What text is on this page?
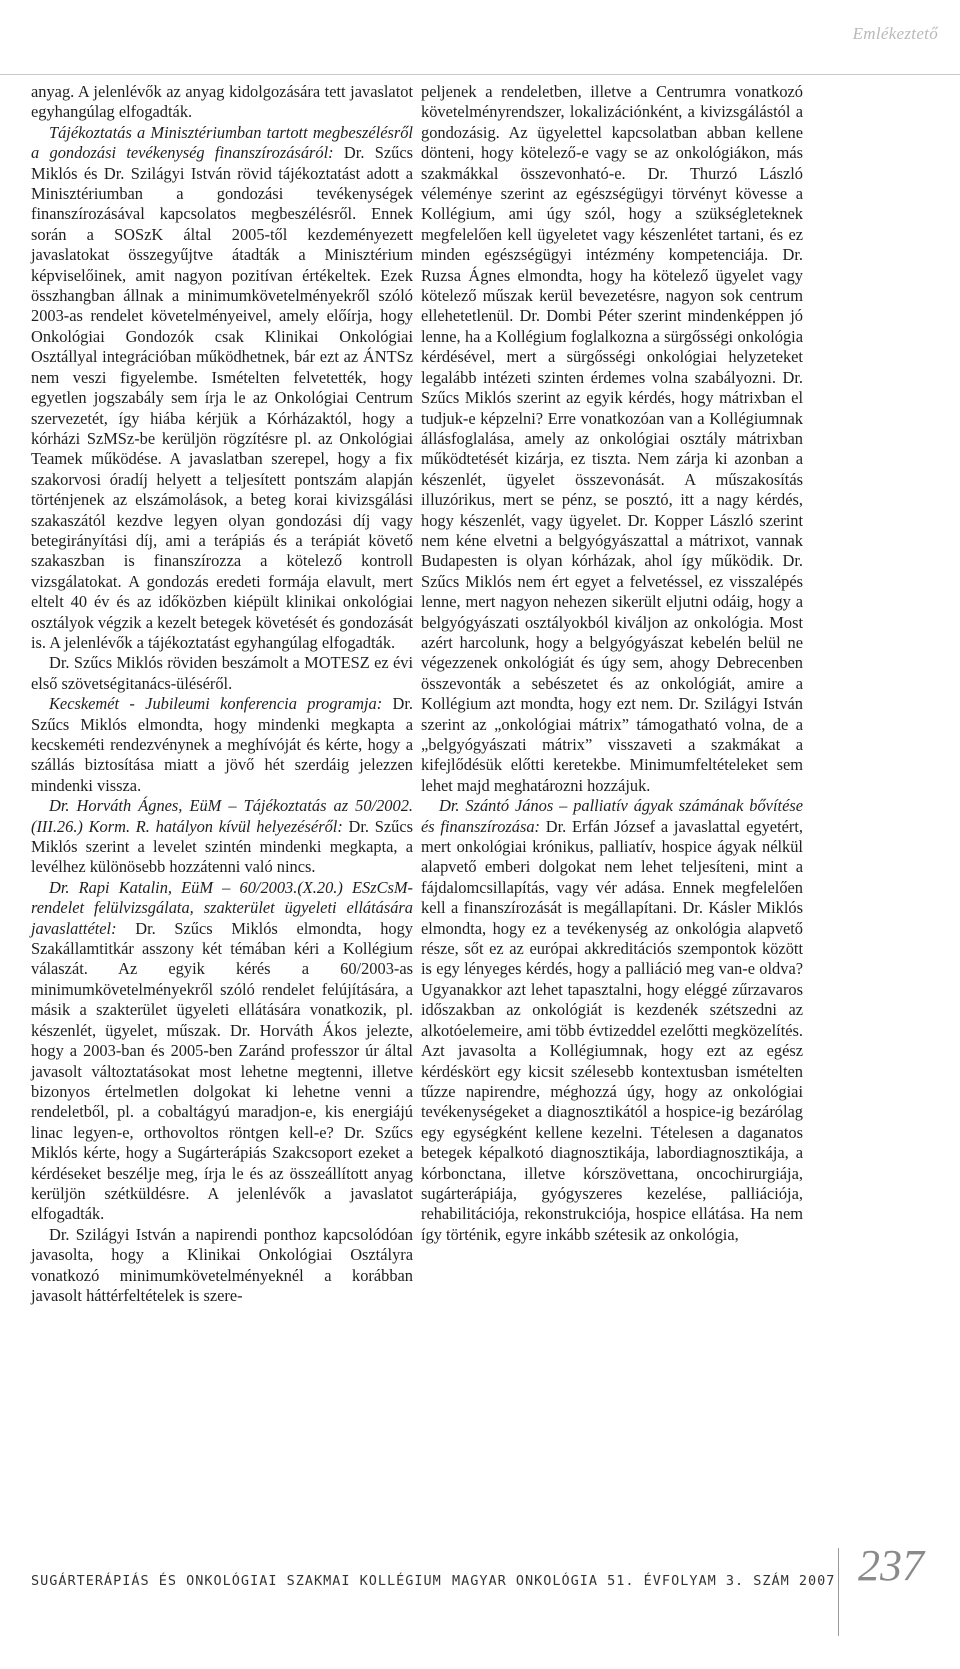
Emlékeztető

anyag. A jelenlévők az anyag kidolgozására tett javaslatot egyhangúlag elfogadták.

Tájékoztatás a Minisztériumban tartott megbeszélésről a gondozási tevékenység finanszírozásáról: Dr. Szűcs Miklós és Dr. Szilágyi István rövid tájékoztatást adott a Minisztériumban a gondozási tevékenységek finanszírozásával kapcsolatos megbeszélésről. Ennek során a SOSzK által 2005-től kezdeményezett javaslatokat összegyűjtve átadták a Minisztérium képviselőinek, amit nagyon pozitívan értékeltek. Ezek összhangban állnak a minimumkövetelményekről szóló 2003-as rendelet követelményeivel, amely előírja, hogy Onkológiai Gondozók csak Klinikai Onkológiai Osztállyal integrációban működhetnek, bár ezt az ÁNTSz nem veszi figyelembe. Ismételten felvetették, hogy egyetlen jogszabály sem írja le az Onkológiai Centrum szervezetét, így hiába kérjük a Kórházaktól, hogy a kórházi SzMSz-be kerüljön rögzítésre pl. az Onkológiai Teamek működése. A javaslatban szerepel, hogy a fix szakorvosi óradíj helyett a teljesített pontszám alapján történjenek az elszámolások, a beteg korai kivizsgálási szakaszától kezdve legyen olyan gondozási díj vagy betegirányítási díj, ami a terápiás és a terápiát követő szakaszban is finanszírozza a kötelező kontroll vizsgálatokat. A gondozás eredeti formája elavult, mert eltelt 40 év és az időközben kiépült klinikai onkológiai osztályok végzik a kezelt betegek követését és gondozását is. A jelenlévők a tájékoztatást egyhangúlag elfogadták.

Dr. Szűcs Miklós röviden beszámolt a MOTESZ ez évi első szövetségitanács-üléséről.

Kecskemét - Jubileumi konferencia programja: Dr. Szűcs Miklós elmondta, hogy mindenki megkapta a kecskeméti rendezvénynek a meghívóját és kérte, hogy a szállás biztosítása miatt a jövő hét szerdáig jelezzen mindenki vissza.

Dr. Horváth Ágnes, EüM – Tájékoztatás az 50/2002. (III.26.) Korm. R. hatályon kívül helyezéséről: Dr. Szűcs Miklós szerint a levelet szintén mindenki megkapta, a levélhez különösebb hozzátenni való nincs.

Dr. Rapi Katalin, EüM – 60/2003.(X.20.) ESzCsM-rendelet felülvizsgálata, szakterület ügyeleti ellátására javaslattétel: Dr. Szűcs Miklós elmondta, hogy Szakállamtitkár asszony két témában kéri a Kollégium válaszát. Az egyik kérés a 60/2003-as minimumkövetelményekről szóló rendelet felújítására, a másik a szakterület ügyeleti ellátására vonatkozik, pl. készenlét, ügyelet, műszak. Dr. Horváth Ákos jelezte, hogy a 2003-ban és 2005-ben Zaránd professzor úr által javasolt változtatásokat most lehetne megtenni, illetve bizonyos értelmetlen dolgokat ki lehetne venni a rendeletből, pl. a cobaltágyú maradjon-e, kis energiájú linac legyen-e, orthovoltos röntgen kell-e? Dr. Szűcs Miklós kérte, hogy a Sugárterápiás Szakcsoport ezeket a kérdéseket beszélje meg, írja le és az összeállított anyag kerüljön szétküldésre. A jelenlévők a javaslatot elfogadták.

Dr. Szilágyi István a napirendi ponthoz kapcsolódóan javasolta, hogy a Klinikai Onkológiai Osztályra vonatkozó minimumkövetelményeknél a korábban javasolt háttérfeltételek is szere-

peljenek a rendeletben, illetve a Centrumra vonatkozó követelményrendszer, lokalizációnként, a kivizsgálástól a gondozásig. Az ügyelettel kapcsolatban abban kellene dönteni, hogy kötelező-e vagy se az onkológiákon, más szakmákkal összevonható-e. Dr. Thurzó László véleménye szerint az egészségügyi törvényt kövesse a Kollégium, ami úgy szól, hogy a szükségleteknek megfelelően kell ügyeletet vagy készenlétet tartani, és ez minden egészségügyi intézmény kompetenciája. Dr. Ruzsa Ágnes elmondta, hogy ha kötelező ügyelet vagy kötelező műszak kerül bevezetésre, nagyon sok centrum ellehetetlenül. Dr. Dombi Péter szerint mindenképpen jó lenne, ha a Kollégium foglalkozna a sürgősségi onkológia kérdésével, mert a sürgősségi onkológiai helyzeteket legalább intézeti szinten érdemes volna szabályozni. Dr. Szűcs Miklós szerint az egyik kérdés, hogy mátrixban el tudjuk-e képzelni? Erre vonatkozóan van a Kollégiumnak állásfoglalása, amely az onkológiai osztály mátrixban működtetését kizárja, ez tiszta. Nem zárja ki azonban a készenlét, ügyelet összevonását. A műszakosítás illuzórikus, mert se pénz, se posztó, itt a nagy kérdés, hogy készenlét, vagy ügyelet. Dr. Kopper László szerint nem kéne elvetni a belgyógyászattal a mátrixot, vannak Budapesten is olyan kórházak, ahol így működik. Dr. Szűcs Miklós nem ért egyet a felvetéssel, ez visszalépés lenne, mert nagyon nehezen sikerült eljutni odáig, hogy a belgyógyászati osztályokból kiváljon az onkológia. Most azért harcolunk, hogy a belgyógyászat kebelén belül ne végezzenek onkológiát és úgy sem, ahogy Debrecenben összevonták a sebészetet és az onkológiát, amire a Kollégium azt mondta, hogy ezt nem. Dr. Szilágyi István szerint az „onkológiai mátrix” támogatható volna, de a „belgyógyászati mátrix” visszaveti a szakmákat a kifejlődésük előtti keretekbe. Minimumfeltételeket sem lehet majd meghatározni hozzájuk.

Dr. Szántó János – palliatív ágyak számának bővítése és finanszírozása: Dr. Erfán József a javaslattal egyetért, mert onkológiai krónikus, palliatív, hospice ágyak nélkül alapvető emberi dolgokat nem lehet teljesíteni, mint a fájdalomcsillapítás, vagy vér adása. Ennek megfelelően kell a finanszírozását is megállapítani. Dr. Kásler Miklós elmondta, hogy ez a tevékenység az onkológia alapvető része, sőt ez az európai akkreditációs szempontok között is egy lényeges kérdés, hogy a palliáció meg van-e oldva? Ugyanakkor azt lehet tapasztalni, hogy eléggé zűrzavaros időszakban az onkológiát is kezdenék szétszedni az alkotóelemeire, ami több évtizeddel ezelőtti megközelítés. Azt javasolta a Kollégiumnak, hogy ezt az egész kérdéskört egy kicsit szélesebb kontextusban ismételten tűzze napirendre, méghozzá úgy, hogy az onkológiai tevékenységeket a diagnosztikától a hospice-ig bezárólag egy egységként kellene kezelni. Tételesen a daganatos betegek képalkotó diagnosztikája, labordiagnosztikája, a kórbonctana, illetve kórszövettana, oncochirurgiája, sugárterápiája, gyógyszeres kezelése, palliációja, rehabilitációja, rekonstrukciója, hospice ellátása. Ha nem így történik, egyre inkább szétesik az onkológia,

SUGÁRTERÁPIÁS ÉS ONKOLÓGIAI SZAKMAI KOLLÉGIUM MAGYAR ONKOLÓGIA 51. ÉVFOLYAM 3. SZÁM 2007 237
